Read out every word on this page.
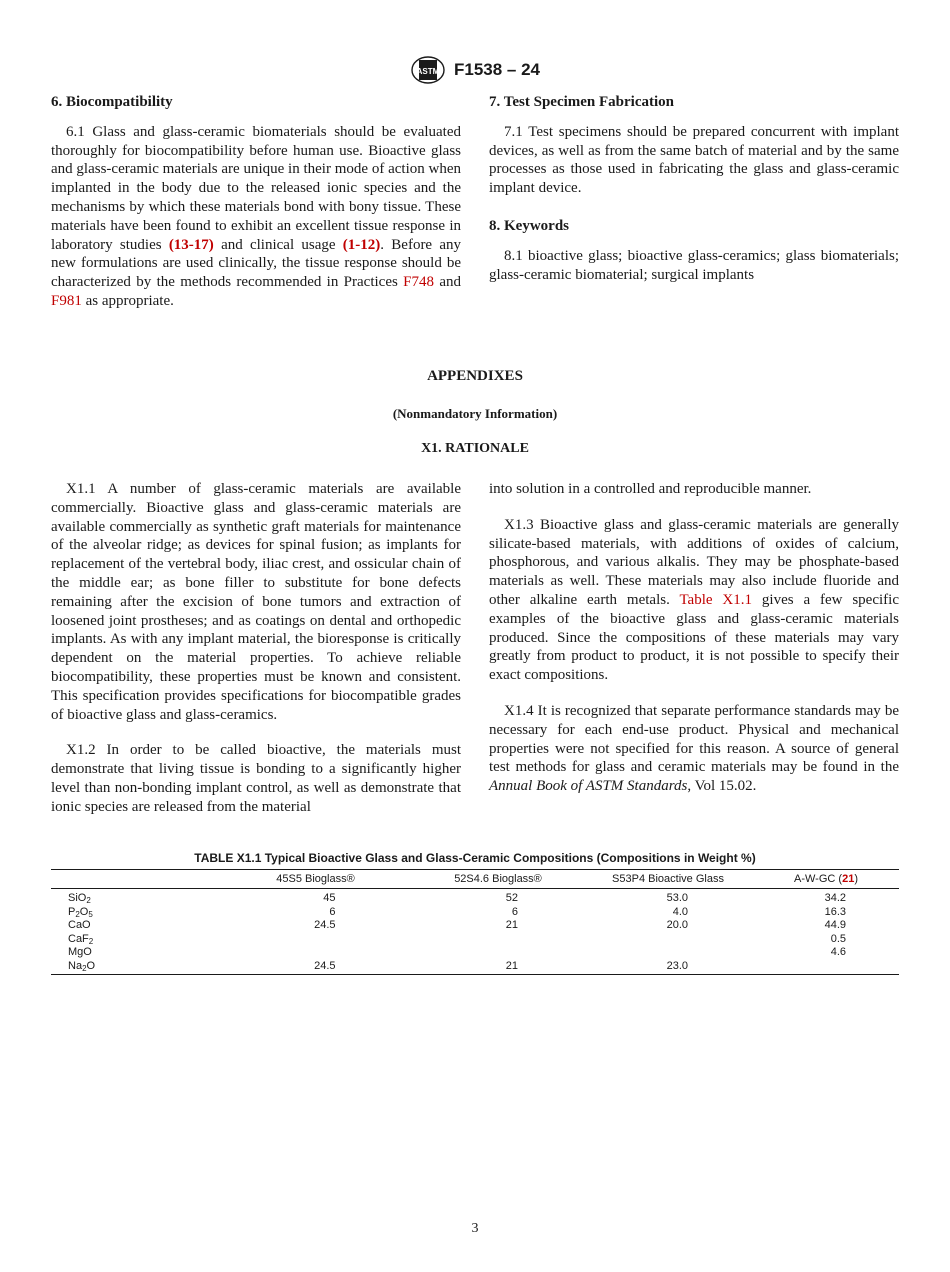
ASTM F1538 – 24
6. Biocompatibility

6.1 Glass and glass-ceramic biomaterials should be evaluated thoroughly for biocompatibility before human use. Bioactive glass and glass-ceramic materials are unique in their mode of action when implanted in the body due to the released ionic species and the mechanisms by which these materials bond with bony tissue. These materials have been found to exhibit an excellent tissue response in laboratory studies (13-17) and clinical usage (1-12). Before any new formulations are used clinically, the tissue response should be characterized by the methods recommended in Practices F748 and F981 as appropriate.

7. Test Specimen Fabrication

7.1 Test specimens should be prepared concurrent with implant devices, as well as from the same batch of material and by the same processes as those used in fabricating the glass and glass-ceramic implant device.

8. Keywords

8.1 bioactive glass; bioactive glass-ceramics; glass biomaterials; glass-ceramic biomaterial; surgical implants

APPENDIXES
(Nonmandatory Information)
X1. RATIONALE

X1.1 A number of glass-ceramic materials are available commercially. Bioactive glass and glass-ceramic materials are available commercially as synthetic graft materials for maintenance of the alveolar ridge; as devices for spinal fusion; as implants for replacement of the vertebral body, iliac crest, and ossicular chain of the middle ear; as bone filler to substitute for bone defects remaining after the excision of bone tumors and extraction of loosened joint prostheses; and as coatings on dental and orthopedic implants. As with any implant material, the bioresponse is critically dependent on the material properties. To achieve reliable biocompatibility, these properties must be known and consistent. This specification provides specifications for biocompatible grades of bioactive glass and glass-ceramics.

X1.2 In order to be called bioactive, the materials must demonstrate that living tissue is bonding to a significantly higher level than non-bonding implant control, as well as demonstrate that ionic species are released from the material

into solution in a controlled and reproducible manner.

X1.3 Bioactive glass and glass-ceramic materials are generally silicate-based materials, with additions of oxides of calcium, phosphorous, and various alkalis. They may be phosphate-based materials as well. These materials may also include fluoride and other alkaline earth metals. Table X1.1 gives a few specific examples of the bioactive glass and glass-ceramic materials produced. Since the compositions of these materials may vary greatly from product to product, it is not possible to specify their exact compositions.

X1.4 It is recognized that separate performance standards may be necessary for each end-use product. Physical and mechanical properties were not specified for this reason. A source of general test methods for glass and ceramic materials may be found in the Annual Book of ASTM Standards, Vol 15.02.

TABLE X1.1 Typical Bioactive Glass and Glass-Ceramic Compositions (Compositions in Weight %)
	45S5 Bioglass®	52S4.6 Bioglass®	S53P4 Bioactive Glass	A-W-GC (21)
SiO$_2$	45	52	53.0	34.2
$P_2O_5$	6	6	4.0	16.3
CaO	24.5	21	20.0	44.9
CaF$_2$				0.5
MgO				4.6
$Na_2O$	24.5	21	23.0	
3
